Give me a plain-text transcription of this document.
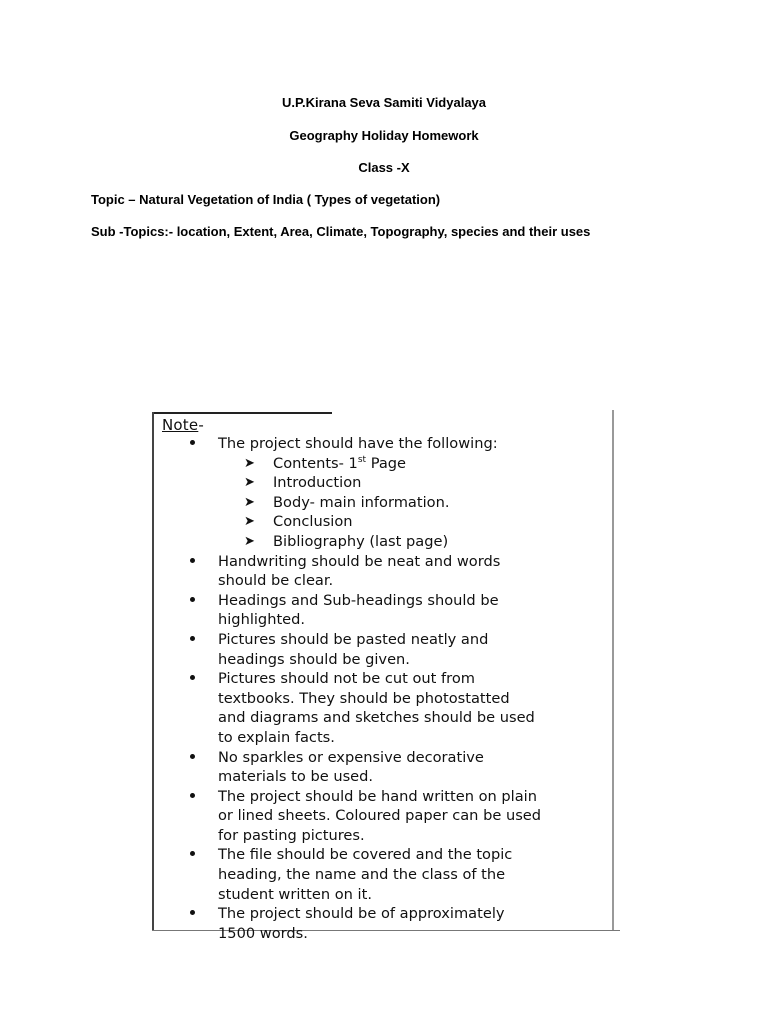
U.P.Kirana Seva Samiti Vidyalaya
Geography Holiday Homework
Class -X
Topic – Natural Vegetation of India ( Types of vegetation)
Sub -Topics:- location, Extent, Area, Climate, Topography, species and their uses
Note-
The project should have the following:
➤ Contents- 1st Page
➤ Introduction
➤ Body- main information.
➤ Conclusion
➤ Bibliography (last page)
Handwriting should be neat and words
should be clear.
Headings and Sub-headings should be
highlighted.
Pictures should be pasted neatly and
headings should be given.
Pictures should not be cut out from
textbooks. They should be photostatted
and diagrams and sketches should be used
to explain facts.
No sparkles or expensive decorative
materials to be used.
The project should be hand written on plain
or lined sheets. Coloured paper can be used
for pasting pictures.
The file should be covered and the topic
heading, the name and the class of the
student written on it.
The project should be of approximately
1500 words.
